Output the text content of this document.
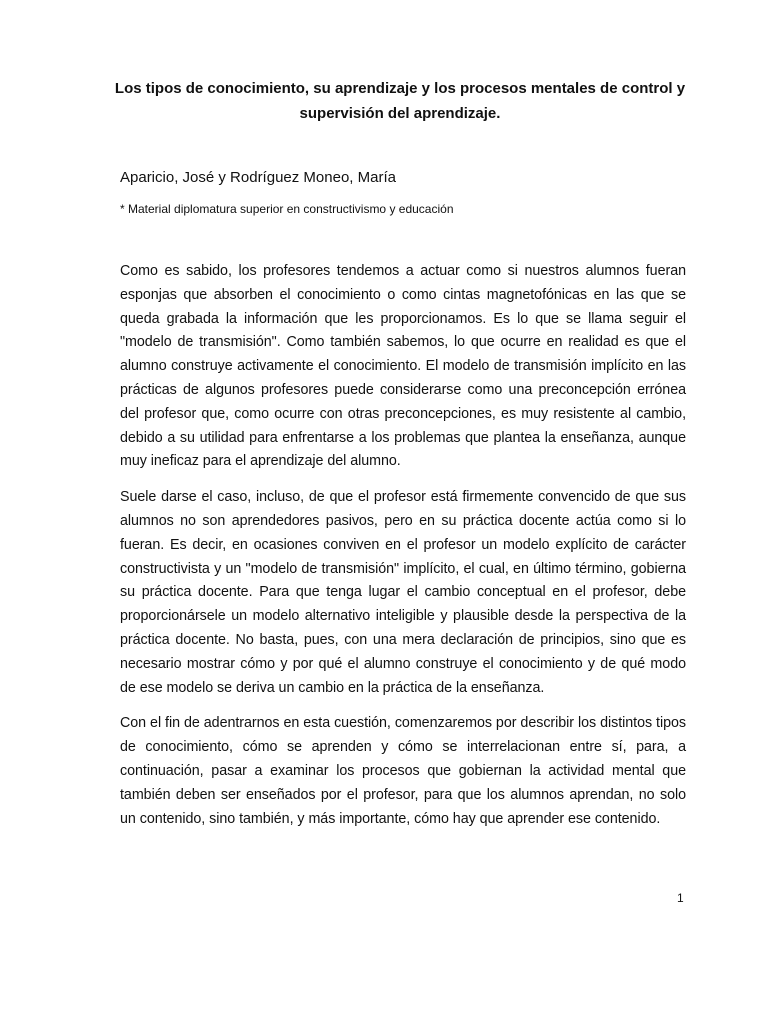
Los tipos de conocimiento, su aprendizaje y los procesos mentales de control y supervisión del aprendizaje.

Aparicio, José y Rodríguez Moneo, María

* Material diplomatura superior en constructivismo y educación

Como es sabido, los profesores tendemos a actuar como si nuestros alumnos fueran esponjas que absorben el conocimiento o como cintas magnetofónicas en las que se queda grabada la información que les proporcionamos. Es lo que se llama seguir el "modelo de transmisión". Como también sabemos, lo que ocurre en realidad es que el alumno construye activamente el conocimiento. El modelo de transmisión implícito en las prácticas de algunos profesores puede considerarse como una preconcepción errónea del profesor que, como ocurre con otras preconcepciones, es muy resistente al cambio, debido a su utilidad para enfrentarse a los problemas que plantea la enseñanza, aunque muy ineficaz para el aprendizaje del alumno.

Suele darse el caso, incluso, de que el profesor está firmemente convencido de que sus alumnos no son aprendedores pasivos, pero en su práctica docente actúa como si lo fueran. Es decir, en ocasiones conviven en el profesor un modelo explícito de carácter constructivista y un "modelo de transmisión" implícito, el cual, en último término, gobierna su práctica docente. Para que tenga lugar el cambio conceptual en el profesor, debe proporcionársele un modelo alternativo inteligible y plausible desde la perspectiva de la práctica docente. No basta, pues, con una mera declaración de principios, sino que es necesario mostrar cómo y por qué el alumno construye el conocimiento y de qué modo de ese modelo se deriva un cambio en la práctica de la enseñanza.

Con el fin de adentrarnos en esta cuestión, comenzaremos por describir los distintos tipos de conocimiento, cómo se aprenden y cómo se interrelacionan entre sí, para, a continuación, pasar a examinar los procesos que gobiernan la actividad mental que también deben ser enseñados por el profesor, para que los alumnos aprendan, no solo un contenido, sino también, y más importante, cómo hay que aprender ese contenido.

1
